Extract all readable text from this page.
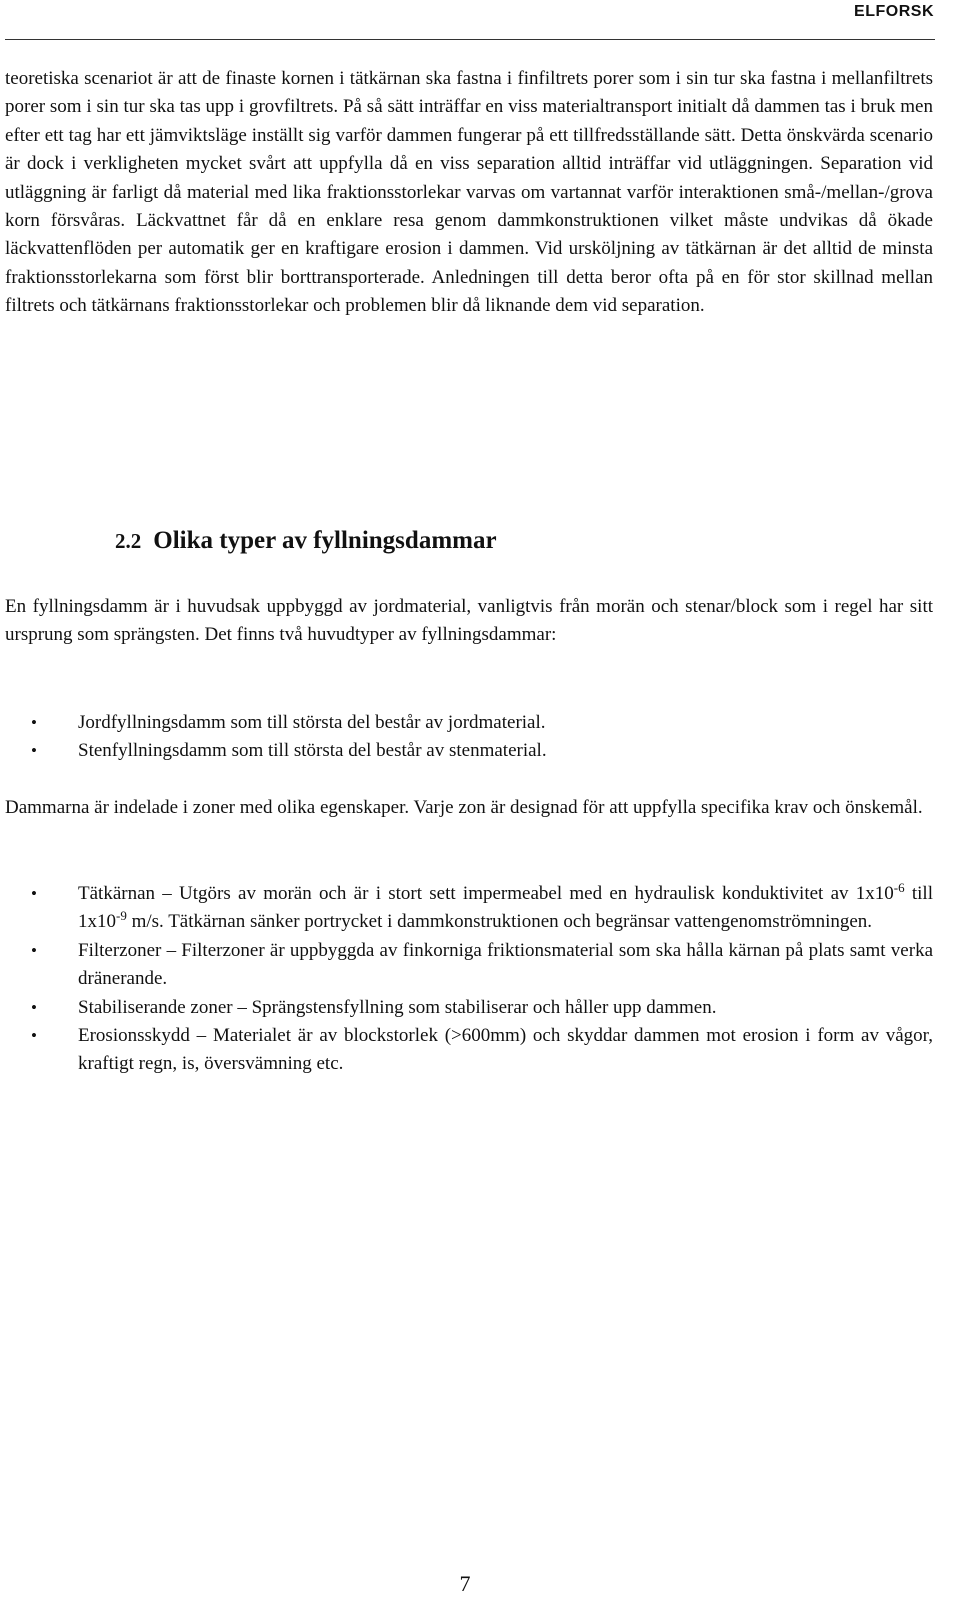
ELFORSK

teoretiska scenariot är att de finaste kornen i tätkärnan ska fastna i finfiltrets porer som i sin tur ska fastna i mellanfiltrets porer som i sin tur ska tas upp i grovfiltrets. På så sätt inträffar en viss materialtransport initialt då dammen tas i bruk men efter ett tag har ett jämviktsläge inställt sig varför dammen fungerar på ett tillfredsställande sätt. Detta önskvärda scenario är dock i verkligheten mycket svårt att uppfylla då en viss separation alltid inträffar vid utläggningen. Separation vid utläggning är farligt då material med lika fraktionsstorlekar varvas om vartannat varför interaktionen små-/mellan-/grova korn försvåras. Läckvattnet får då en enklare resa genom dammkonstruktionen vilket måste undvikas då ökade läckvattenflöden per automatik ger en kraftigare erosion i dammen. Vid ursköljning av tätkärnan är det alltid de minsta fraktionsstorlekarna som först blir borttransporterade. Anledningen till detta beror ofta på en för stor skillnad mellan filtrets och tätkärnans fraktionsstorlekar och problemen blir då liknande dem vid separation.

2.2 Olika typer av fyllningsdammar

En fyllningsdamm är i huvudsak uppbyggd av jordmaterial, vanligtvis från morän och stenar/block som i regel har sitt ursprung som sprängsten. Det finns två huvudtyper av fyllningsdammar:

• Jordfyllningsdamm som till största del består av jordmaterial.
• Stenfyllningsdamm som till största del består av stenmaterial.

Dammarna är indelade i zoner med olika egenskaper. Varje zon är designad för att uppfylla specifika krav och önskemål.

• Tätkärnan – Utgörs av morän och är i stort sett impermeabel med en hydraulisk konduktivitet av $1x10^{-6}$ till $1x10^{-9}$ m/s. Tätkärnan sänker portrycket i dammkonstruktionen och begränsar vattengenomströmningen.
• Filterzoner – Filterzoner är uppbyggda av finkorniga friktionsmaterial som ska hålla kärnan på plats samt verka dränerande.
• Stabiliserande zoner – Sprängstensfyllning som stabiliserar och håller upp dammen.
• Erosionsskydd – Materialet är av blockstorlek (>600mm) och skyddar dammen mot erosion i form av vågor, kraftigt regn, is, översvämning etc.
7
